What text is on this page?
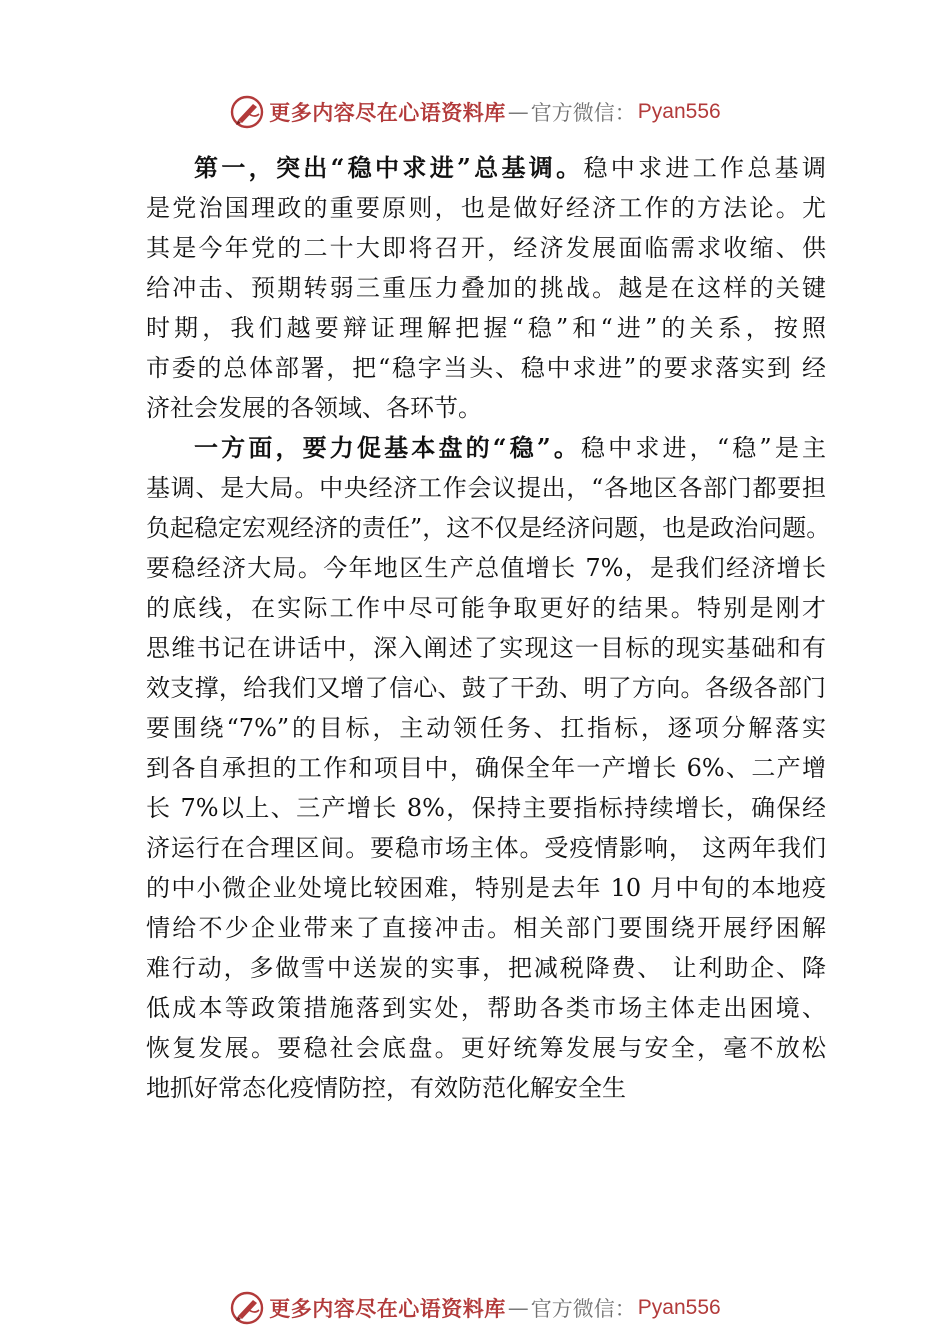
更多内容尽在心语资料库 — 官方微信： Pyan556
第一，突出“稳中求进”总基调。稳中求进工作总基调
是党治国理政的重要原则，也是做好经济工作的方法论。尤
其是今年党的二十大即将召开，经济发展面临需求收缩、供
给冲击、预期转弱三重压力叠加的挑战。越是在这样的关键
时期，我们越要辩证理解把握“稳”和“进”的关系，按照
市委的总体部署，把“稳字当头、稳中求进”的要求落实到 经
济社会发展的各领域、各环节。
一方面，要力促基本盘的“稳”。稳中求进，“稳”是主
基调、是大局。中央经济工作会议提出，“各地区各部门都要担
负起稳定宏观经济的责任”，这不仅是经济问题，也是政治问题。
要稳经济大局。今年地区生产总值增长 7%，是我们经济增长
的底线，在实际工作中尽可能争取更好的结果。特别是刚才
思维书记在讲话中，深入阐述了实现这一目标的现实基础和有
效支撑，给我们又增了信心、鼓了干劲、明了方向。各级各部门
要围绕“7%”的目标，主动领任务、扛指标，逐项分解落实
到各自承担的工作和项目中，确保全年一产增长 6%、二产增
长 7%以上、三产增长 8%，保持主要指标持续增长，确保经
济运行在合理区间。要稳市场主体。受疫情影响， 这两年我们
的中小微企业处境比较困难，特别是去年 10 月中旬的本地疫
情给不少企业带来了直接冲击。相关部门要围绕开展纾困解
难行动，多做雪中送炭的实事，把减税降费、 让利助企、降
低成本等政策措施落到实处，帮助各类市场主体走出困境、
恢复发展。要稳社会底盘。更好统筹发展与安全，毫不放松
地抓好常态化疫情防控，有效防范化解安全生
更多内容尽在心语资料库 — 官方微信： Pyan556
